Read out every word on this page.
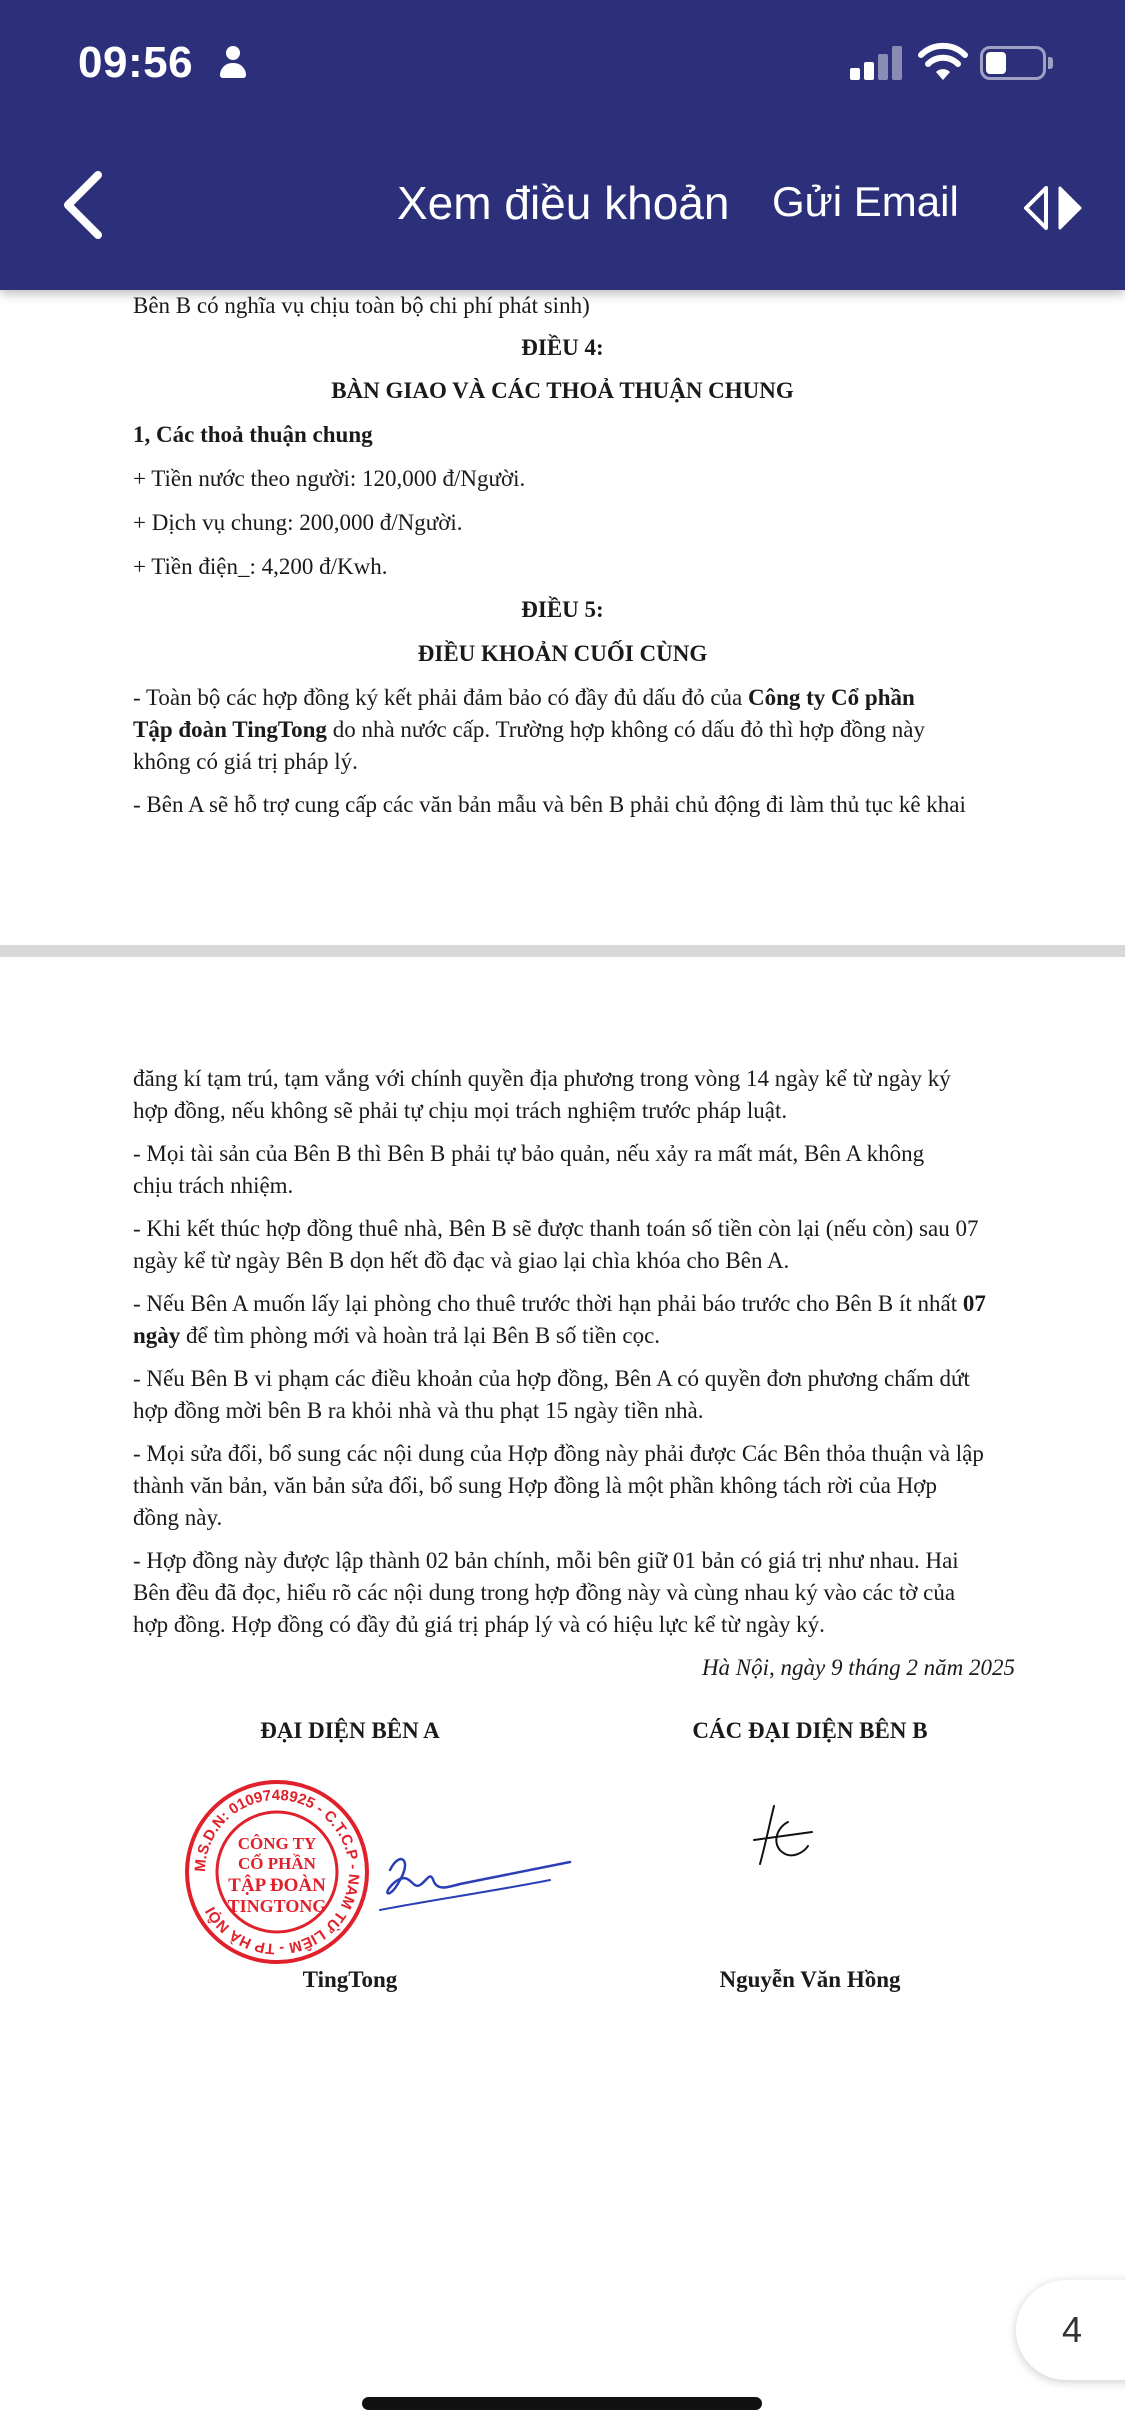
09:56
Xem điều khoản Gửi Email
Bên B có nghĩa vụ chịu toàn bộ chi phí phát sinh)
ĐIỀU 4:
BÀN GIAO VÀ CÁC THOẢ THUẬN CHUNG
1, Các thoả thuận chung
+ Tiền nước theo người: 120,000 đ/Người.
+ Dịch vụ chung: 200,000 đ/Người.
+ Tiền điện_: 4,200 đ/Kwh.
ĐIỀU 5:
ĐIỀU KHOẢN CUỐI CÙNG
- Toàn bộ các hợp đồng ký kết phải đảm bảo có đầy đủ dấu đỏ của Công ty Cổ phần
Tập đoàn TingTong do nhà nước cấp. Trường hợp không có dấu đỏ thì hợp đồng này
không có giá trị pháp lý.
- Bên A sẽ hỗ trợ cung cấp các văn bản mẫu và bên B phải chủ động đi làm thủ tục kê khai
đăng kí tạm trú, tạm vắng với chính quyền địa phương trong vòng 14 ngày kể từ ngày ký
hợp đồng, nếu không sẽ phải tự chịu mọi trách nghiệm trước pháp luật.
- Mọi tài sản của Bên B thì Bên B phải tự bảo quản, nếu xảy ra mất mát, Bên A không
chịu trách nhiệm.
- Khi kết thúc hợp đồng thuê nhà, Bên B sẽ được thanh toán số tiền còn lại (nếu còn) sau 07
ngày kể từ ngày Bên B dọn hết đồ đạc và giao lại chìa khóa cho Bên A.
- Nếu Bên A muốn lấy lại phòng cho thuê trước thời hạn phải báo trước cho Bên B ít nhất 07
ngày để tìm phòng mới và hoàn trả lại Bên B số tiền cọc.
- Nếu Bên B vi phạm các điều khoản của hợp đồng, Bên A có quyền đơn phương chấm dứt
hợp đồng mời bên B ra khỏi nhà và thu phạt 15 ngày tiền nhà.
- Mọi sửa đổi, bổ sung các nội dung của Hợp đồng này phải được Các Bên thỏa thuận và lập
thành văn bản, văn bản sửa đổi, bổ sung Hợp đồng là một phần không tách rời của Hợp
đồng này.
- Hợp đồng này được lập thành 02 bản chính, mỗi bên giữ 01 bản có giá trị như nhau. Hai
Bên đều đã đọc, hiểu rõ các nội dung trong hợp đồng này và cùng nhau ký vào các tờ của
hợp đồng. Hợp đồng có đầy đủ giá trị pháp lý và có hiệu lực kể từ ngày ký.
Hà Nội, ngày 9 tháng 2 năm 2025
ĐẠI DIỆN BÊN A	CÁC ĐẠI DIỆN BÊN B
TingTong	Nguyễn Văn Hồng
M.S.D.N: 0109748925 - C.T.C.P - NAM TỪ LIÊM - TP HÀ NỘI
CÔNG TY
CỔ PHẦN
TẬP ĐOÀN
TINGTONG
4
